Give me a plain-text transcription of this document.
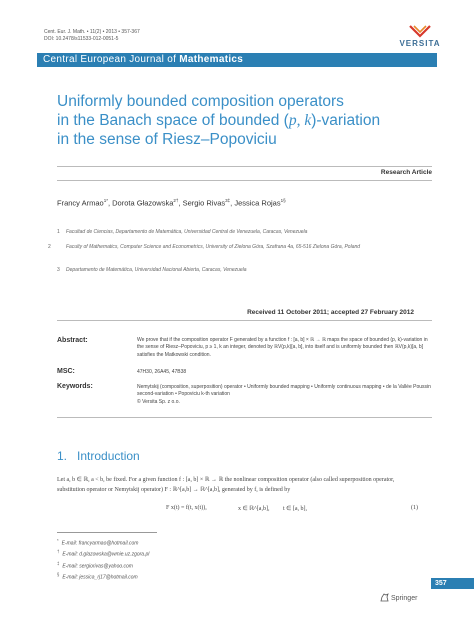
Cent. Eur. J. Math. • 11(2) • 2013 • 357-367
DOI: 10.2478/s11533-012-0051-5
VERSITA
Central European Journal of Mathematics
Uniformly bounded composition operators
in the Banach space of bounded (p, k)-variation
in the sense of Riesz–Popoviciu
Research Article
Francy Armao$^{1*}$, Dorota Głazowska$^{2\dagger}$, Sergio Rivas$^{3\ddagger}$, Jessica Rojas$^{1\S}$
1 Facultad de Ciencias, Departamento de Matemática, Universidad Central de Venezuela, Caracas, Venezuela
2	Faculty of Mathematics, Computer Science and Econometrics, University of Zielona Góra, Szafrana 4a, 65-516 Zielona Góra, Poland
3 Departamento de Matemática, Universidad Nacional Abierta, Caracas, Venezuela
Received 11 October 2011; accepted 27 February 2012
Abstract:	We prove that if the composition operator F generated by a function f : [a, b] × ℝ → ℝ maps the space of bounded (p, k)-variation in the sense of Riesz–Popoviciu, p ≥ 1, k an integer, denoted by ℝV(p,k)[a, b], into itself and is uniformly bounded then ℝV(p,k)[a, b] satisfies the Matkowski condition.
MSC:	47H30, 26A45, 47B38
Keywords:	Nemytskij (composition, superposition) operator • Uniformly bounded mapping • Uniformly continuous mapping • de la Vallée Poussin second-variation • Popoviciu k-th variation
© Versita Sp. z o.o.
1. Introduction
Let a, b ∈ ℝ, a < b, be fixed. For a given function f : [a, b] × ℝ → ℝ the nonlinear composition operator (also called superposition operator, substitution operator or Nemytskij operator) F : ℝ^[a,b] → ℝ^[a,b], generated by f, is defined by
F x(t) = f(t, x(t)),	x ∈ ℝ^[a,b], t ∈ [a, b],	(1)
*E-mail: francyarmao@hotmail.com
†E-mail: d.glazowska@wmie.uz.zgora.pl
‡E-mail: sergiorivas@yahoo.com
§E-mail: jessica_rj17@hotmail.com
357
Springer
